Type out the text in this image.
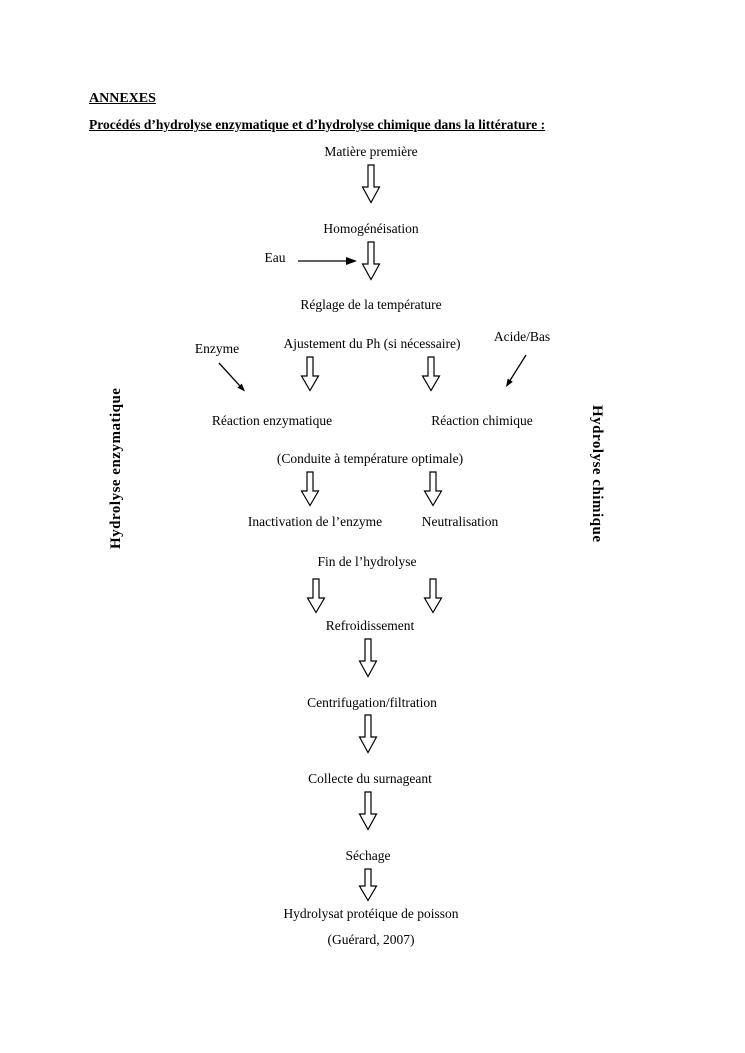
ANNEXES
Procédés d’hydrolyse enzymatique et d’hydrolyse chimique dans la littérature :
Hydrolyse enzymatique	Hydrolyse chimique
Matière première
Homogénéisation
Eau
Réglage de la température
Enzyme	Ajustement du Ph (si nécessaire)	Acide/Bas
Réaction enzymatique	Réaction chimique
(Conduite à température optimale)
Inactivation de l’enzyme	Neutralisation
Fin de l’hydrolyse
Refroidissement
Centrifugation/filtration
Collecte du surnageant
Séchage
Hydrolysat protéique de poisson
(Guérard, 2007)
